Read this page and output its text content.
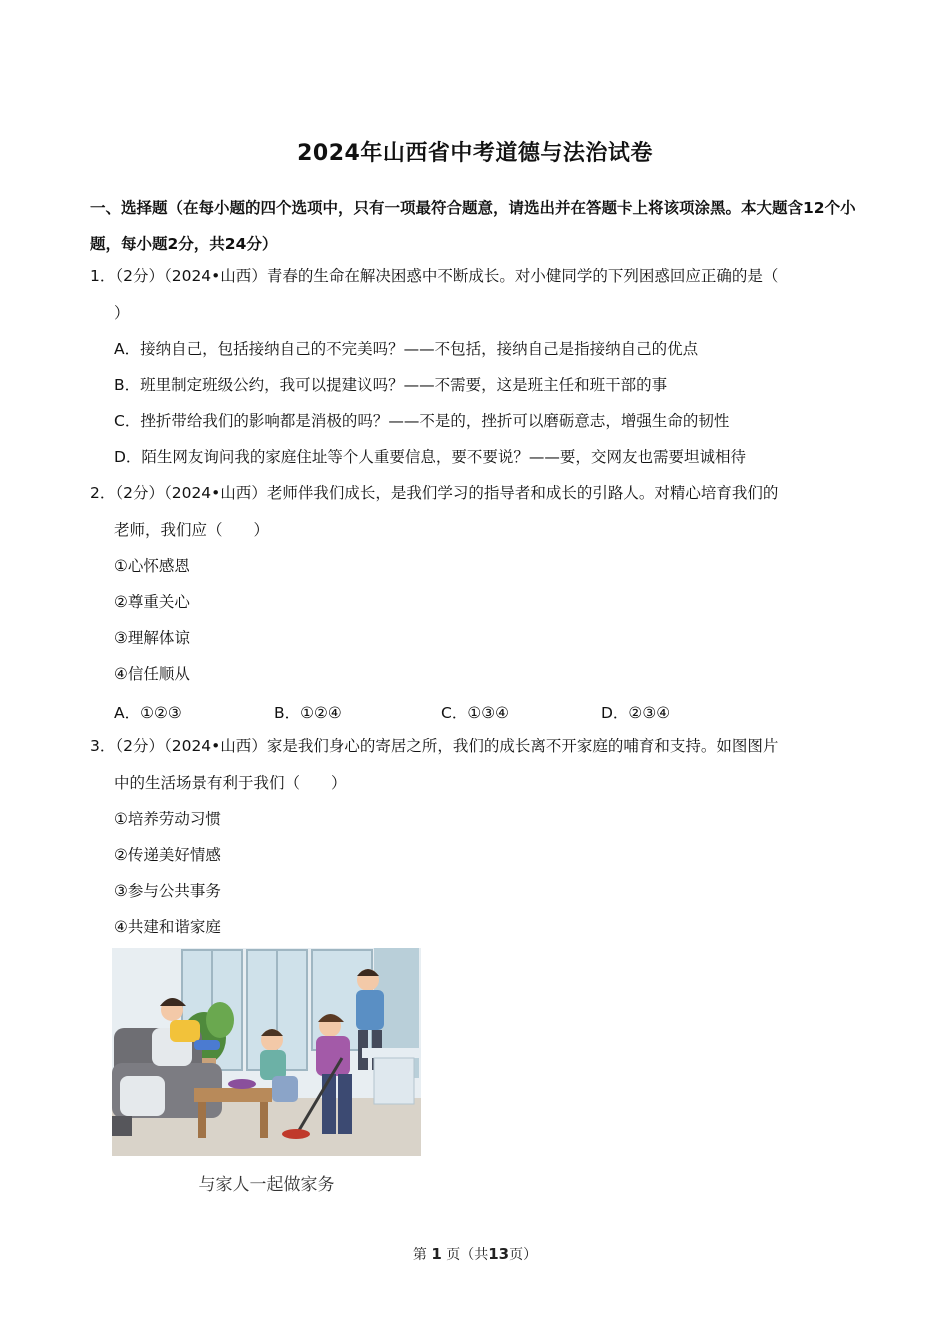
2024年山西省中考道德与法治试卷
一、选择题（在每小题的四个选项中，只有一项最符合题意，请选出并在答题卡上将该项涂黑。本大题含12个小题，每小题2分，共24分）
1．（2分）（2024•山西）青春的生命在解决困惑中不断成长。对小健同学的下列困惑回应正确的是（
）
A．接纳自己，包括接纳自己的不完美吗？——不包括，接纳自己是指接纳自己的优点
B．班里制定班级公约，我可以提建议吗？——不需要，这是班主任和班干部的事
C．挫折带给我们的影响都是消极的吗？——不是的，挫折可以磨砺意志，增强生命的韧性
D．陌生网友询问我的家庭住址等个人重要信息，要不要说？——要，交网友也需要坦诚相待
2．（2分）（2024•山西）老师伴我们成长，是我们学习的指导者和成长的引路人。对精心培育我们的
老师，我们应（　　）
①心怀感恩
②尊重关心
③理解体谅
④信任顺从
A．①②③	B．①②④	C．①③④	D．②③④
3．（2分）（2024•山西）家是我们身心的寄居之所，我们的成长离不开家庭的哺育和支持。如图图片
中的生活场景有利于我们（　　）
①培养劳动习惯
②传递美好情感
③参与公共事务
④共建和谐家庭
与家人一起做家务
第 1 页（共13页）
